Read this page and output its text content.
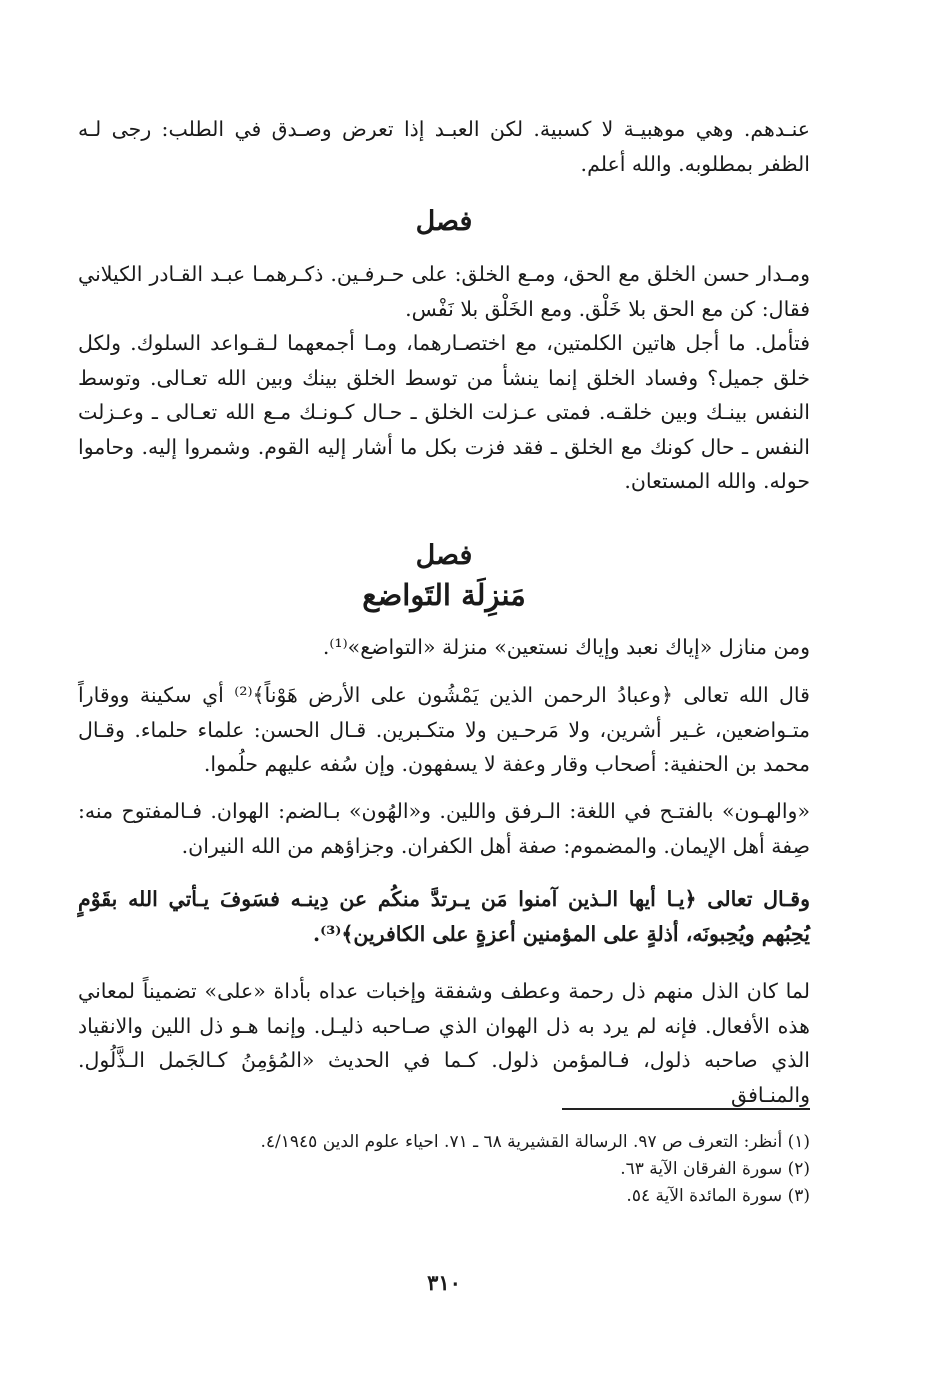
عنـدهم. وهي موهبيـة لا كسبية. لكن العبـد إذا تعرض وصـدق في الطلب: رجى لـه الظفر بمطلوبه. والله أعلم.

فصل

ومـدار حسن الخلق مع الحق، ومـع الخلق: على حـرفـين. ذكـرهمـا عبـد القـادر الكيلاني فقال: كن مع الحق بلا خَلْق. ومع الخَلْق بلا نَفْس.

فتأمل. ما أجل هاتين الكلمتين، مع اختصـارهما، ومـا أجمعهما لـقـواعد السلوك. ولكل خلق جميل؟ وفساد الخلق إنما ينشأ من توسط الخلق بينك وبين الله تعـالى. وتوسط النفس بينـك وبين خلقـه. فمتى عـزلت الخلق ـ حـال كـونـك مـع الله تعـالى ـ وعـزلت النفس ـ حال كونك مع الخلق ـ فقد فزت بكل ما أشار إليه القوم. وشمروا إليه. وحاموا حوله. والله المستعان.

فصل
مَنزِلَة التَواضع

ومن منازل «إياك نعبد وإياك نستعين» منزلة «التواضع»⁽¹⁾.

قال الله تعالى ﴿وعبادُ الرحمن الذين يَمْشُون على الأرض هَوْناً﴾⁽²⁾ أي سكينة ووقاراً متـواضعين، غـير أشرين، ولا مَرحـين ولا متكـبرين. قـال الحسن: علماء حلماء. وقـال محمد بن الحنفية: أصحاب وقار وعفة لا يسفهون. وإن سُفه عليهم حلُموا.

«والهـون» بالفتـح في اللغة: الـرفق واللين. و«الهُون» بـالضم: الهوان. فـالمفتوح منه: صِفة أهل الإيمان. والمضموم: صفة أهل الكفران. وجزاؤهم من الله النيران.

وقـال تعالى ﴿يـا أيها الـذين آمنوا مَن يـرتدَّ منكُم عن دِينـه فسَوفَ يـأتي الله بقَوْمٍ يُحِبُهم ويُحِبونَه، أذلةٍ على المؤمنين أعزةٍ على الكافرين﴾⁽³⁾.

لما كان الذل منهم ذل رحمة وعطف وشفقة وإخبات عداه بأداة «على» تضميناً لمعاني هذه الأفعال. فإنه لم يرد به ذل الهوان الذي صـاحبه ذليـل. وإنما هـو ذل اللين والانقياد الذي صاحبه ذلول، فـالمؤمن ذلول. كـما في الحديث «المُؤمِنُ كـالجَمل الـذَّلُول. والمنـافق

(١) أنظر: التعرف ص ٩٧. الرسالة القشيرية ٦٨ ـ ٧١. احياء علوم الدين ٤/١٩٤٥.

(٢) سورة الفرقان الآية ٦٣.

(٣) سورة المائدة الآية ٥٤.

٣١٠
